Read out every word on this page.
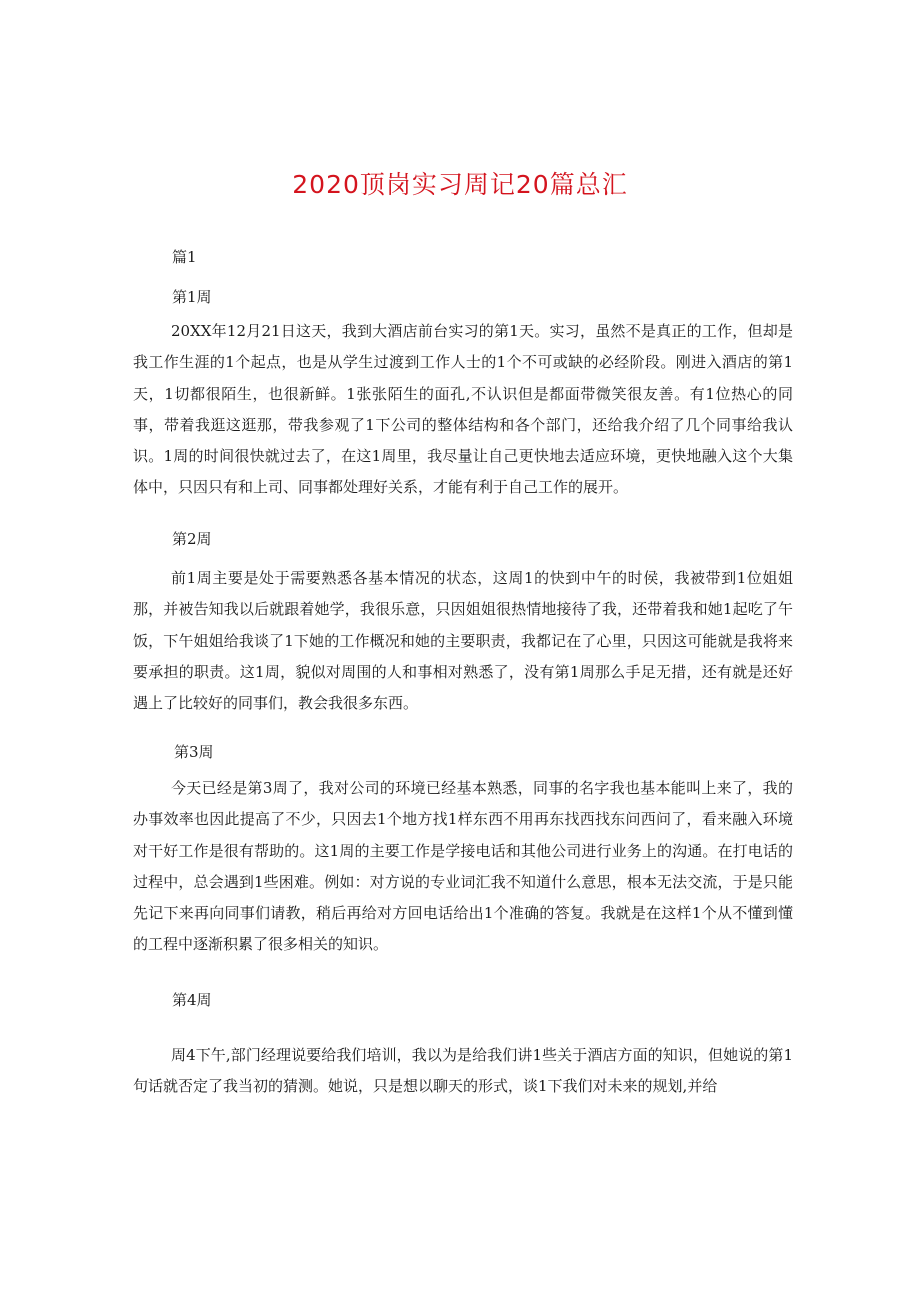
2020顶岗实习周记20篇总汇
篇1
第1周

20XX年12月21日这天，我到大酒店前台实习的第1天。实习，虽然不是真正的工作，但却是我工作生涯的1个起点，也是从学生过渡到工作人士的1个不可或缺的必经阶段。刚进入酒店的第1天，1切都很陌生，也很新鲜。1张张陌生的面孔,不认识但是都面带微笑很友善。有1位热心的同事，带着我逛这逛那，带我参观了1下公司的整体结构和各个部门，还给我介绍了几个同事给我认识。1周的时间很快就过去了，在这1周里，我尽量让自己更快地去适应环境，更快地融入这个大集体中，只因只有和上司、同事都处理好关系，才能有利于自己工作的展开。

第2周

前1周主要是处于需要熟悉各基本情况的状态，这周1的快到中午的时侯，我被带到1位姐姐那，并被告知我以后就跟着她学，我很乐意，只因姐姐很热情地接待了我，还带着我和她1起吃了午饭，下午姐姐给我谈了1下她的工作概况和她的主要职责，我都记在了心里，只因这可能就是我将来要承担的职责。这1周，貌似对周围的人和事相对熟悉了，没有第1周那么手足无措，还有就是还好遇上了比较好的同事们，教会我很多东西。

第3周

今天已经是第3周了，我对公司的环境已经基本熟悉，同事的名字我也基本能叫上来了，我的办事效率也因此提高了不少，只因去1个地方找1样东西不用再东找西找东问西问了，看来融入环境对干好工作是很有帮助的。这1周的主要工作是学接电话和其他公司进行业务上的沟通。在打电话的过程中，总会遇到1些困难。例如：对方说的专业词汇我不知道什么意思，根本无法交流，于是只能先记下来再向同事们请教，稍后再给对方回电话给出1个准确的答复。我就是在这样1个从不懂到懂的工程中逐渐积累了很多相关的知识。

第4周

周4下午,部门经理说要给我们培训，我以为是给我们讲1些关于酒店方面的知识，但她说的第1句话就否定了我当初的猜测。她说，只是想以聊天的形式，谈1下我们对未来的规划,并给
